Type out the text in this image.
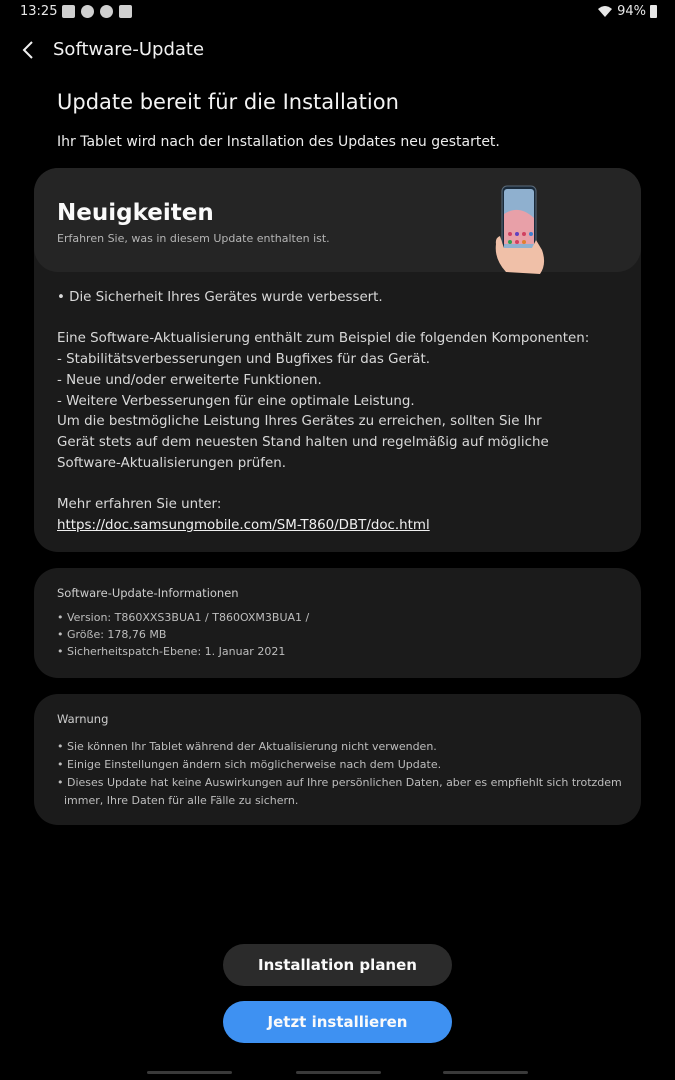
13:25	94%
Software-Update
Update bereit für die Installation
Ihr Tablet wird nach der Installation des Updates neu gestartet.
Neuigkeiten
Erfahren Sie, was in diesem Update enthalten ist.

• Die Sicherheit Ihres Gerätes wurde verbessert.

Eine Software-Aktualisierung enthält zum Beispiel die folgenden Komponenten:

- Stabilitätsverbesserungen und Bugfixes für das Gerät.

- Neue und/oder erweiterte Funktionen.

- Weitere Verbesserungen für eine optimale Leistung.

Um die bestmögliche Leistung Ihres Gerätes zu erreichen, sollten Sie Ihr

Gerät stets auf dem neuesten Stand halten und regelmäßig auf mögliche

Software-Aktualisierungen prüfen.

Mehr erfahren Sie unter:

https://doc.samsungmobile.com/SM-T860/DBT/doc.html

Software-Update-Informationen
• Version: T860XXS3BUA1 / T860OXM3BUA1 /
• Größe: 178,76 MB
• Sicherheitspatch-Ebene: 1. Januar 2021
Warnung
• Sie können Ihr Tablet während der Aktualisierung nicht verwenden.
• Einige Einstellungen ändern sich möglicherweise nach dem Update.
• Dieses Update hat keine Auswirkungen auf Ihre persönlichen Daten, aber es empfiehlt sich trotzdem
immer, Ihre Daten für alle Fälle zu sichern.
Installation planen
Jetzt installieren
